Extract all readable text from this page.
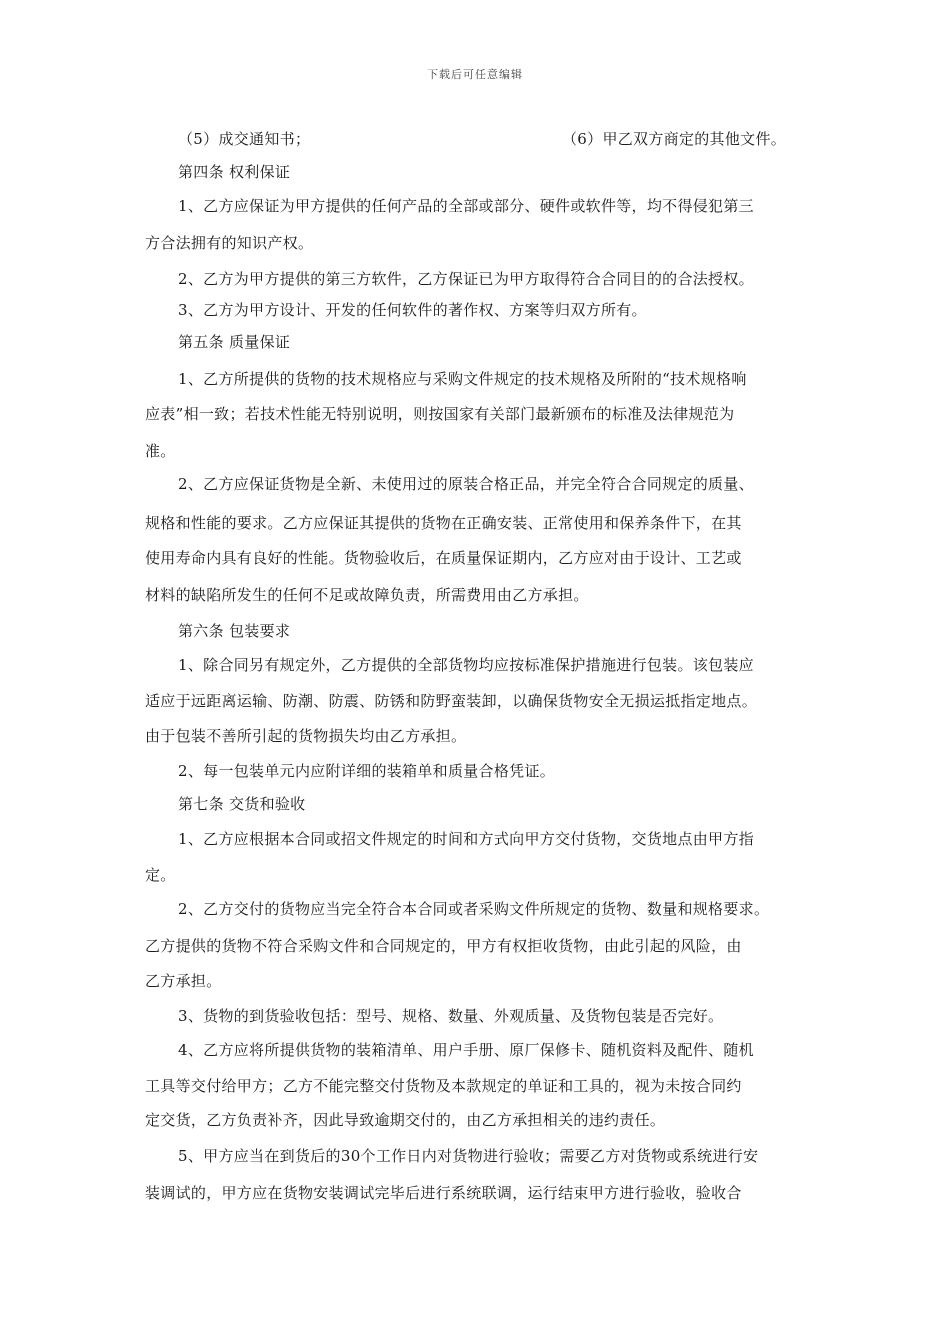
下载后可任意编辑
（5）成交通知书；	（6）甲乙双方商定的其他文件。
第四条 权利保证
1、乙方应保证为甲方提供的任何产品的全部或部分、硬件或软件等，均不得侵犯第三
方合法拥有的知识产权。
2、乙方为甲方提供的第三方软件，乙方保证已为甲方取得符合合同目的的合法授权。
3、乙方为甲方设计、开发的任何软件的著作权、方案等归双方所有。
第五条 质量保证
1、乙方所提供的货物的技术规格应与采购文件规定的技术规格及所附的“技术规格响
应表”相一致；若技术性能无特别说明，则按国家有关部门最新颁布的标准及法律规范为
准。
2、乙方应保证货物是全新、未使用过的原装合格正品，并完全符合合同规定的质量、
规格和性能的要求。乙方应保证其提供的货物在正确安装、正常使用和保养条件下，在其
使用寿命内具有良好的性能。货物验收后，在质量保证期内，乙方应对由于设计、工艺或
材料的缺陷所发生的任何不足或故障负责，所需费用由乙方承担。
第六条 包装要求
1、除合同另有规定外，乙方提供的全部货物均应按标准保护措施进行包装。该包装应
适应于远距离运输、防潮、防震、防锈和防野蛮装卸，以确保货物安全无损运抵指定地点。
由于包装不善所引起的货物损失均由乙方承担。
2、每一包装单元内应附详细的装箱单和质量合格凭证。
第七条 交货和验收
1、乙方应根据本合同或招文件规定的时间和方式向甲方交付货物，交货地点由甲方指
定。
2、乙方交付的货物应当完全符合本合同或者采购文件所规定的货物、数量和规格要求。
乙方提供的货物不符合采购文件和合同规定的，甲方有权拒收货物，由此引起的风险，由
乙方承担。
3、货物的到货验收包括：型号、规格、数量、外观质量、及货物包装是否完好。
4、乙方应将所提供货物的装箱清单、用户手册、原厂保修卡、随机资料及配件、随机
工具等交付给甲方；乙方不能完整交付货物及本款规定的单证和工具的，视为未按合同约
定交货，乙方负责补齐，因此导致逾期交付的，由乙方承担相关的违约责任。
5、甲方应当在到货后的30个工作日内对货物进行验收；需要乙方对货物或系统进行安
装调试的，甲方应在货物安装调试完毕后进行系统联调，运行结束甲方进行验收，验收合
